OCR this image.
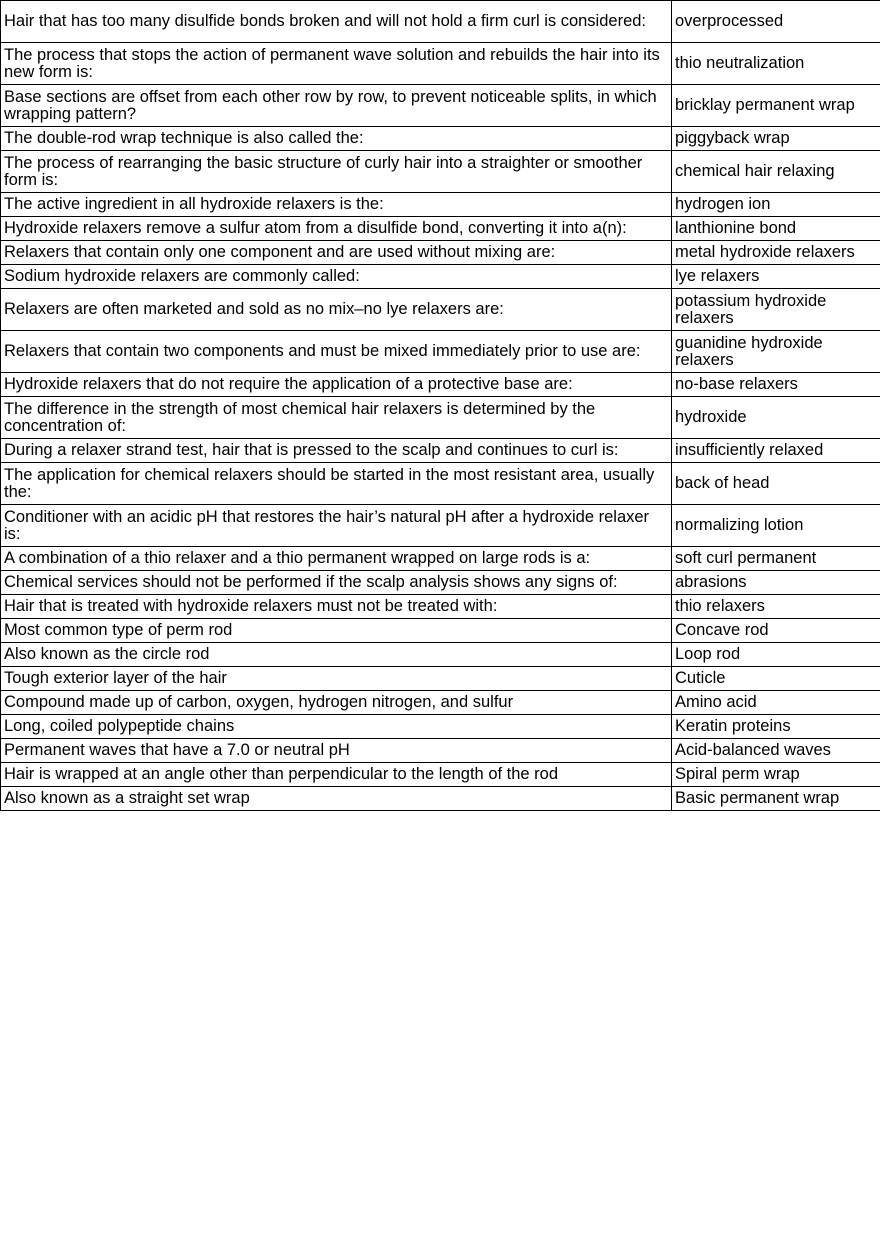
Hair that has too many disulfide bonds broken and will not hold a firm curl is considered:	overprocessed
The process that stops the action of permanent wave solution and rebuilds the hair into its new form is:	thio neutralization
Base sections are offset from each other row by row, to prevent noticeable splits, in which wrapping pattern?	bricklay permanent wrap
The double-rod wrap technique is also called the:	piggyback wrap
The process of rearranging the basic structure of curly hair into a straighter or smoother form is:	chemical hair relaxing
The active ingredient in all hydroxide relaxers is the:	hydrogen ion
Hydroxide relaxers remove a sulfur atom from a disulfide bond, converting it into a(n):	lanthionine bond
Relaxers that contain only one component and are used without mixing are:	metal hydroxide relaxers
Sodium hydroxide relaxers are commonly called:	lye relaxers
Relaxers are often marketed and sold as no mix–no lye relaxers are:	potassium hydroxide relaxers
Relaxers that contain two components and must be mixed immediately prior to use are:	guanidine hydroxide relaxers
Hydroxide relaxers that do not require the application of a protective base are:	no-base relaxers
The difference in the strength of most chemical hair relaxers is determined by the concentration of:	hydroxide
During a relaxer strand test, hair that is pressed to the scalp and continues to curl is:	insufficiently relaxed
The application for chemical relaxers should be started in the most resistant area, usually the:	back of head
Conditioner with an acidic pH that restores the hair’s natural pH after a hydroxide relaxer is:	normalizing lotion
A combination of a thio relaxer and a thio permanent wrapped on large rods is a:	soft curl permanent
Chemical services should not be performed if the scalp analysis shows any signs of:	abrasions
Hair that is treated with hydroxide relaxers must not be treated with:	thio relaxers
Most common type of perm rod	Concave rod
Also known as the circle rod	Loop rod
Tough exterior layer of the hair	Cuticle
Compound made up of carbon, oxygen, hydrogen nitrogen, and sulfur	Amino acid
Long, coiled polypeptide chains	Keratin proteins
Permanent waves that have a 7.0 or neutral pH	Acid-balanced waves
Hair is wrapped at an angle other than perpendicular to the length of the rod	Spiral perm wrap
Also known as a straight set wrap	Basic permanent wrap
